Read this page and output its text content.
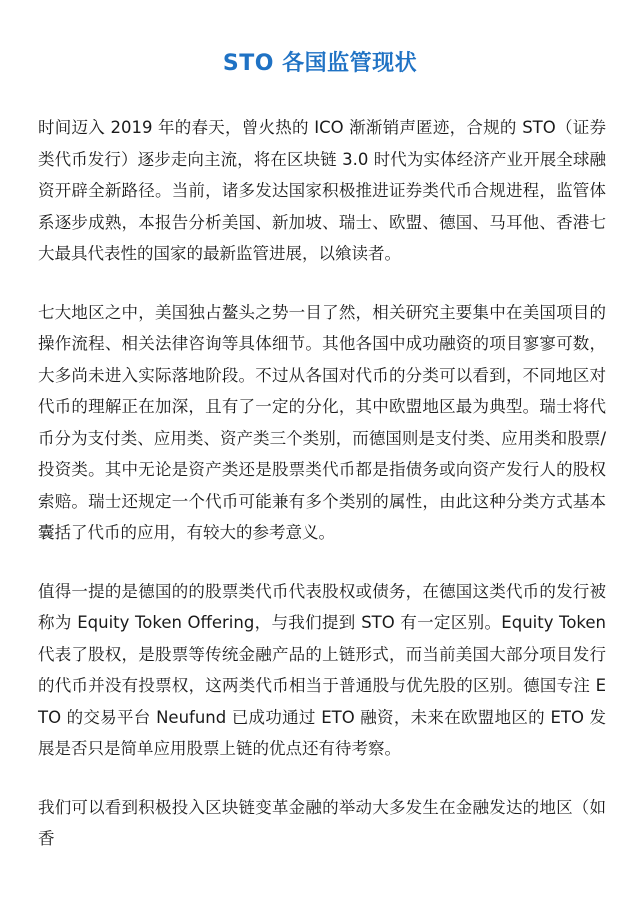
STO 各国监管现状

时间迈入 2019 年的春天，曾火热的 ICO 渐渐销声匿迹，合规的 STO（证券类代币发行）逐步走向主流，将在区块链 3.0 时代为实体经济产业开展全球融资开辟全新路径。当前，诸多发达国家积极推进证券类代币合规进程，监管体系逐步成熟，本报告分析美国、新加坡、瑞士、欧盟、德国、马耳他、香港七大最具代表性的国家的最新监管进展，以飨读者。

七大地区之中，美国独占鳌头之势一目了然，相关研究主要集中在美国项目的操作流程、相关法律咨询等具体细节。其他各国中成功融资的项目寥寥可数，大多尚未进入实际落地阶段。不过从各国对代币的分类可以看到，不同地区对代币的理解正在加深，且有了一定的分化，其中欧盟地区最为典型。瑞士将代币分为支付类、应用类、资产类三个类别，而德国则是支付类、应用类和股票/投资类。其中无论是资产类还是股票类代币都是指债务或向资产发行人的股权索赔。瑞士还规定一个代币可能兼有多个类别的属性，由此这种分类方式基本囊括了代币的应用，有较大的参考意义。

值得一提的是德国的的股票类代币代表股权或债务，在德国这类代币的发行被称为 Equity Token Offering，与我们提到 STO 有一定区别。Equity Token 代表了股权，是股票等传统金融产品的上链形式，而当前美国大部分项目发行的代币并没有投票权，这两类代币相当于普通股与优先股的区别。德国专注 ETO 的交易平台 Neufund 已成功通过 ETO 融资，未来在欧盟地区的 ETO 发展是否只是简单应用股票上链的优点还有待考察。

我们可以看到积极投入区块链变革金融的举动大多发生在金融发达的地区（如香
